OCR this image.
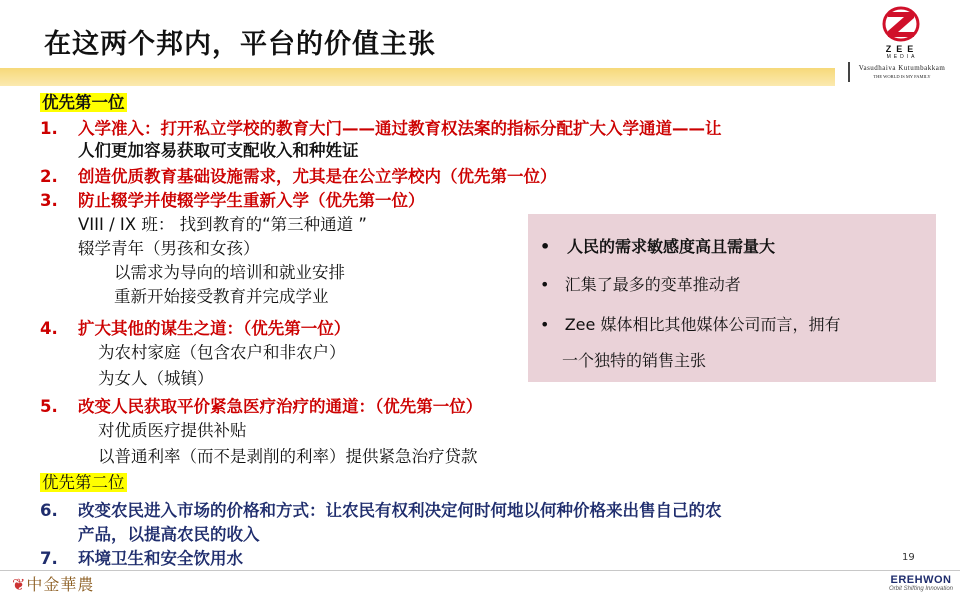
在这两个邦内，平台的价值主张	ZEE
MEDIA
Vasudhaiva Kutumbakkam
THE WORLD IS MY FAMILY
优先第一位
1. 入学准入：打开私立学校的教育大门——通过教育权法案的指标分配扩大入学通道——让
人们更加容易获取可支配收入和种姓证
2. 创造优质教育基础设施需求，尤其是在公立学校内（优先第一位）
3. 防止辍学并使辍学学生重新入学（优先第一位）
VIII / IX 班： 找到教育的“第三种通道 ”
辍学青年（男孩和女孩）
以需求为导向的培训和就业安排
重新开始接受教育并完成学业
4. 扩大其他的谋生之道：（优先第一位）
为农村家庭（包含农户和非农户）
为女人（城镇）
5. 改变人民获取平价紧急医疗治疗的通道：（优先第一位）
对优质医疗提供补贴
以普通利率（而不是剥削的利率）提供紧急治疗贷款
优先第二位
6. 改变农民进入市场的价格和方式：让农民有权利决定何时何地以何种价格来出售自己的农
产品，以提高农民的收入
7. 环境卫生和安全饮用水
•   人民的需求敏感度高且需量大
•   汇集了最多的变革推动者
•   Zee 媒体相比其他媒体公司而言，拥有
一个独特的销售主张
19
❦中金華農	EREHWON
Orbit Shifting Innovation
